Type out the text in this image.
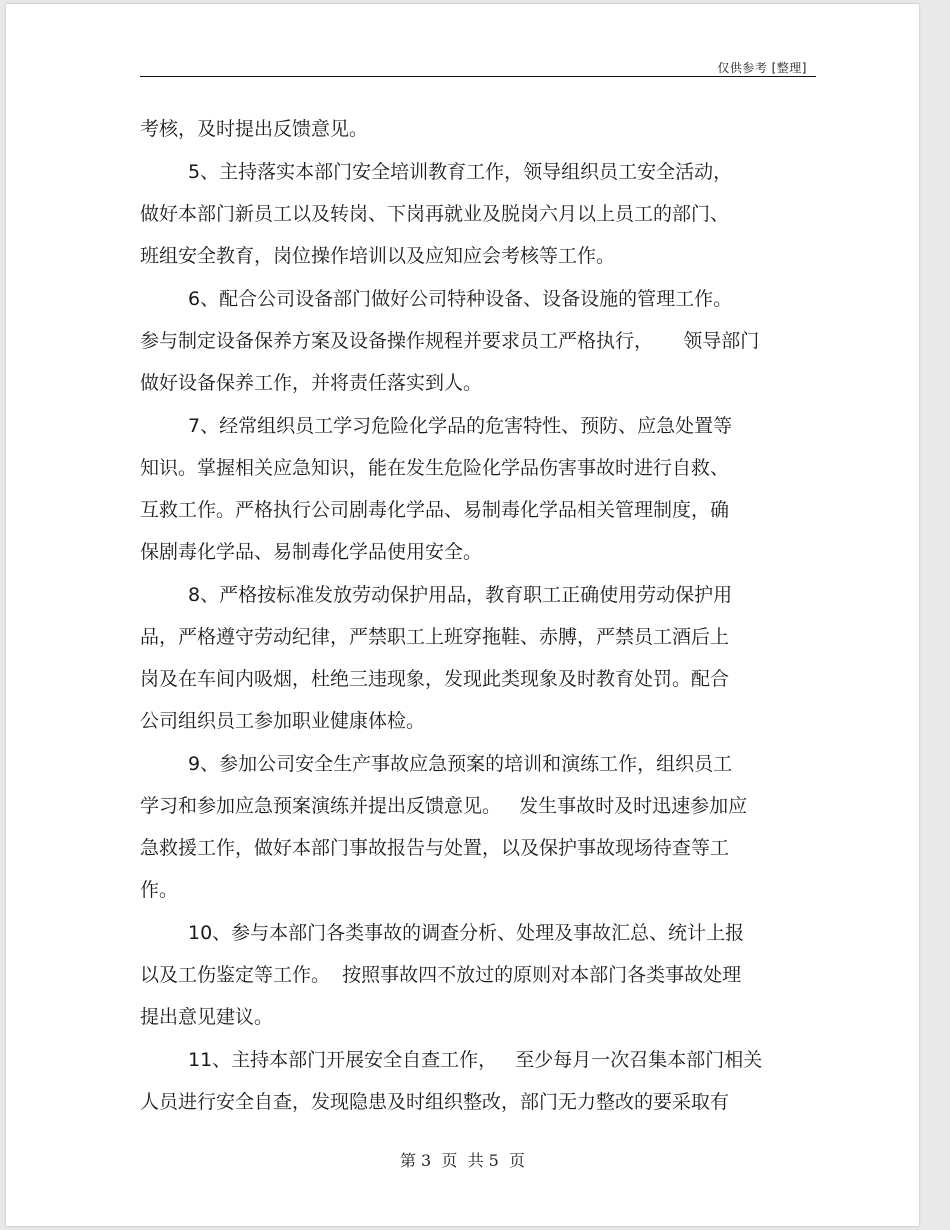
仅供参考 [整理]
考核，及时提出反馈意见。
5、主持落实本部门安全培训教育工作，领导组织员工安全活动，
做好本部门新员工以及转岗、下岗再就业及脱岗六月以上员工的部门、
班组安全教育，岗位操作培训以及应知应会考核等工作。
6、配合公司设备部门做好公司特种设备、设备设施的管理工作。
参与制定设备保养方案及设备操作规程并要求员工严格执行，     领导部门
做好设备保养工作，并将责任落实到人。
7、经常组织员工学习危险化学品的危害特性、预防、应急处置等
知识。掌握相关应急知识，能在发生危险化学品伤害事故时进行自救、
互救工作。严格执行公司剧毒化学品、易制毒化学品相关管理制度，确
保剧毒化学品、易制毒化学品使用安全。
8、严格按标准发放劳动保护用品，教育职工正确使用劳动保护用
品，严格遵守劳动纪律，严禁职工上班穿拖鞋、赤膊，严禁员工酒后上
岗及在车间内吸烟，杜绝三违现象，发现此类现象及时教育处罚。配合
公司组织员工参加职业健康体检。
9、参加公司安全生产事故应急预案的培训和演练工作，组织员工
学习和参加应急预案演练并提出反馈意见。   发生事故时及时迅速参加应
急救援工作，做好本部门事故报告与处置，以及保护事故现场待查等工
作。
10、参与本部门各类事故的调查分析、处理及事故汇总、统计上报
以及工伤鉴定等工作。  按照事故四不放过的原则对本部门各类事故处理
提出意见建议。
11、主持本部门开展安全自查工作，   至少每月一次召集本部门相关
人员进行安全自查，发现隐患及时组织整改，部门无力整改的要采取有
第 3  页  共 5  页
